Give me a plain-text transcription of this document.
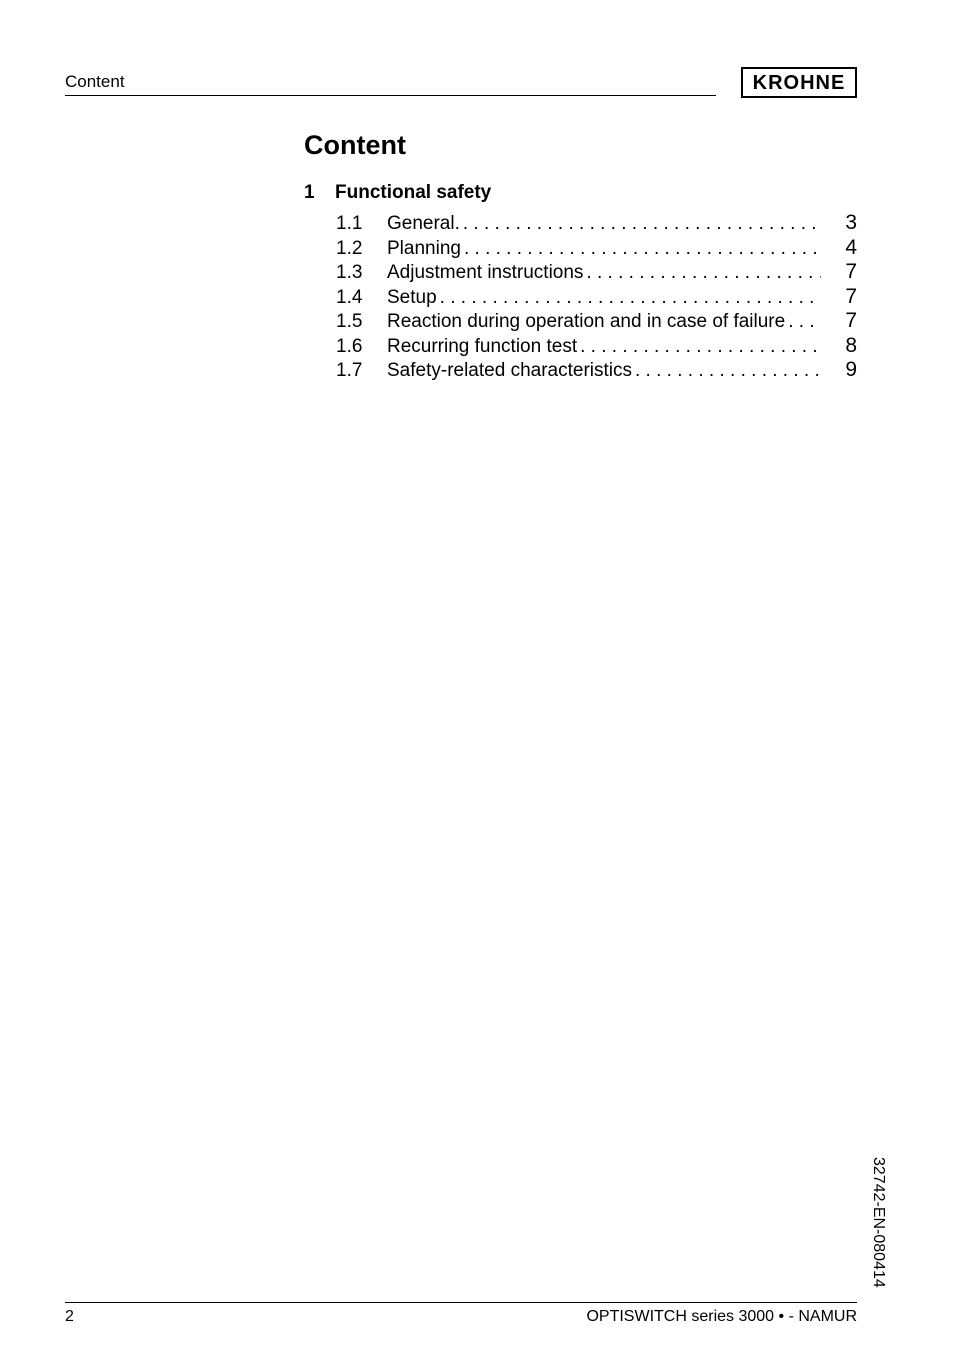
Content	KROHNE
Content
1 Functional safety
1.1	General. . . .	3
1.2	Planning . . .	4
1.3	Adjustment instructions . . .	7
1.4	Setup . . .	7
1.5	Reaction during operation and in case of failure . . .	7
1.6	Recurring function test . . .	8
1.7	Safety-related characteristics . . .	9
32742-EN-080414
2	OPTISWITCH series 3000 • - NAMUR
